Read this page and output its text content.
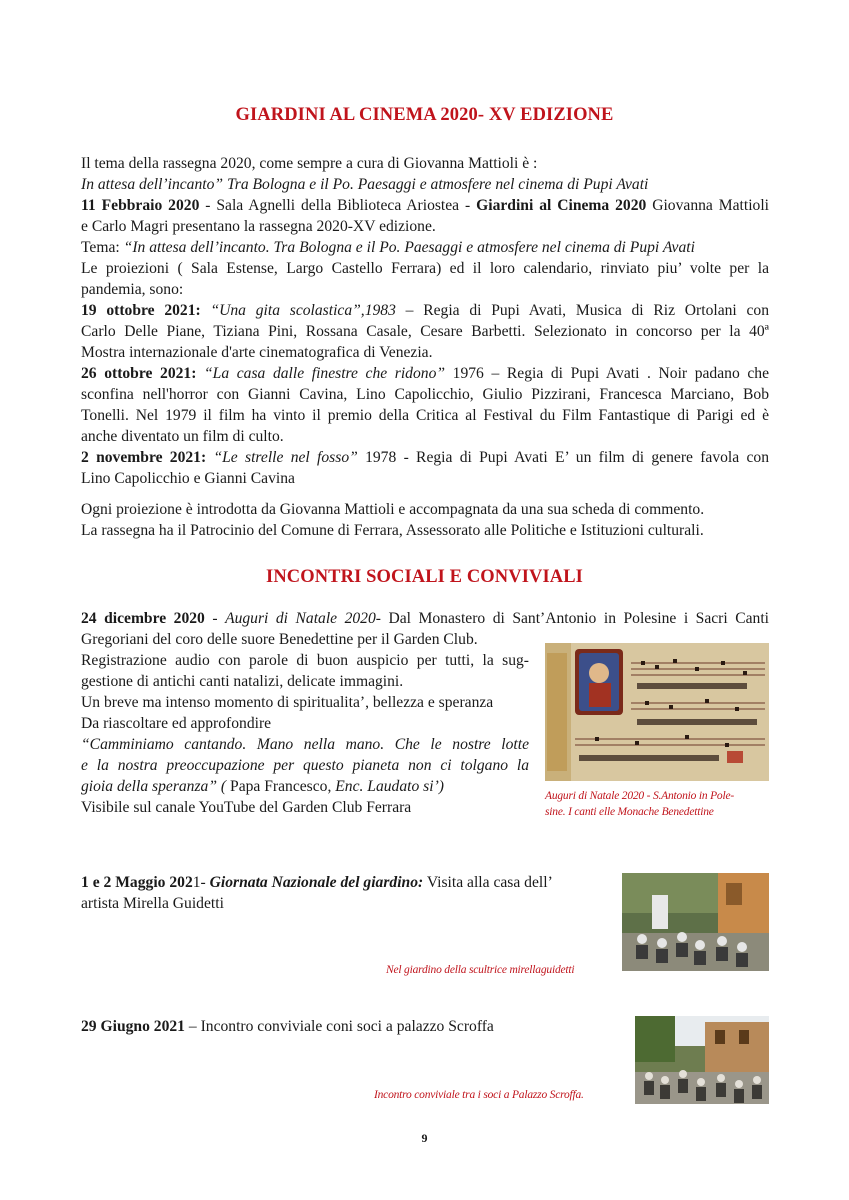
GIARDINI AL CINEMA 2020- XV EDIZIONE
Il tema della rassegna 2020, come sempre a cura di Giovanna Mattioli è :
In attesa dell’incanto” Tra Bologna e il Po. Paesaggi e atmosfere nel cinema di Pupi Avati
11 Febbraio 2020 - Sala Agnelli della Biblioteca Ariostea - Giardini al Cinema 2020 Giovanna Mattioli
e Carlo Magri presentano la rassegna 2020-XV edizione.
Tema: “In attesa dell’incanto. Tra Bologna e il Po. Paesaggi e atmosfere nel cinema di Pupi Avati
Le proiezioni ( Sala Estense, Largo Castello Ferrara) ed il loro calendario, rinviato piu’ volte per la
pandemia, sono:
19 ottobre 2021: “Una gita scolastica”,1983 – Regia di Pupi Avati, Musica di Riz Ortolani con
Carlo Delle Piane, Tiziana Pini, Rossana Casale, Cesare Barbetti. Selezionato in concorso per la 40ª
Mostra internazionale d'arte cinematografica di Venezia.
26 ottobre 2021: “La casa dalle finestre che ridono” 1976 – Regia di Pupi Avati . Noir padano che
sconfina nell'horror con Gianni Cavina, Lino Capolicchio, Giulio Pizzirani, Francesca Marciano, Bob
Tonelli. Nel 1979 il film ha vinto il premio della Critica al Festival du Film Fantastique di Parigi ed è
anche diventato un film di culto.
2 novembre 2021: “Le strelle nel fosso” 1978 - Regia di Pupi Avati E’ un film di genere favola con
Lino Capolicchio e Gianni Cavina
Ogni proiezione è introdotta da Giovanna Mattioli e accompagnata da una sua scheda di commento.
La rassegna ha il Patrocinio del Comune di Ferrara, Assessorato alle Politiche e Istituzioni culturali.
INCONTRI SOCIALI E CONVIVIALI
24 dicembre 2020 - Auguri di Natale 2020- Dal Monastero di Sant’Antonio in Polesine i Sacri Canti
Gregoriani del coro delle suore Benedettine per il Garden Club.
Registrazione audio con parole di buon auspicio per tutti, la sug-
gestione di antichi canti natalizi, delicate immagini.
Un breve ma intenso momento di spiritualita’, bellezza e speranza
Da riascoltare ed approfondire
“Camminiamo cantando. Mano nella mano. Che le nostre lotte
e la nostra preoccupazione per questo pianeta non ci tolgano la
gioia della speranza” ( Papa Francesco, Enc. Laudato si’)
Visibile sul canale YouTube del Garden Club Ferrara
Auguri di Natale 2020 - S.Antonio in Pole-
sine. I canti elle Monache Benedettine
1 e 2 Maggio 2021- Giornata Nazionale del giardino: Visita alla casa dell’
artista Mirella Guidetti
Nel giardino della scultrice mirellaguidetti
29 Giugno 2021 – Incontro conviviale coni soci a palazzo Scroffa
Incontro conviviale tra i soci a Palazzo Scroffa.
9
